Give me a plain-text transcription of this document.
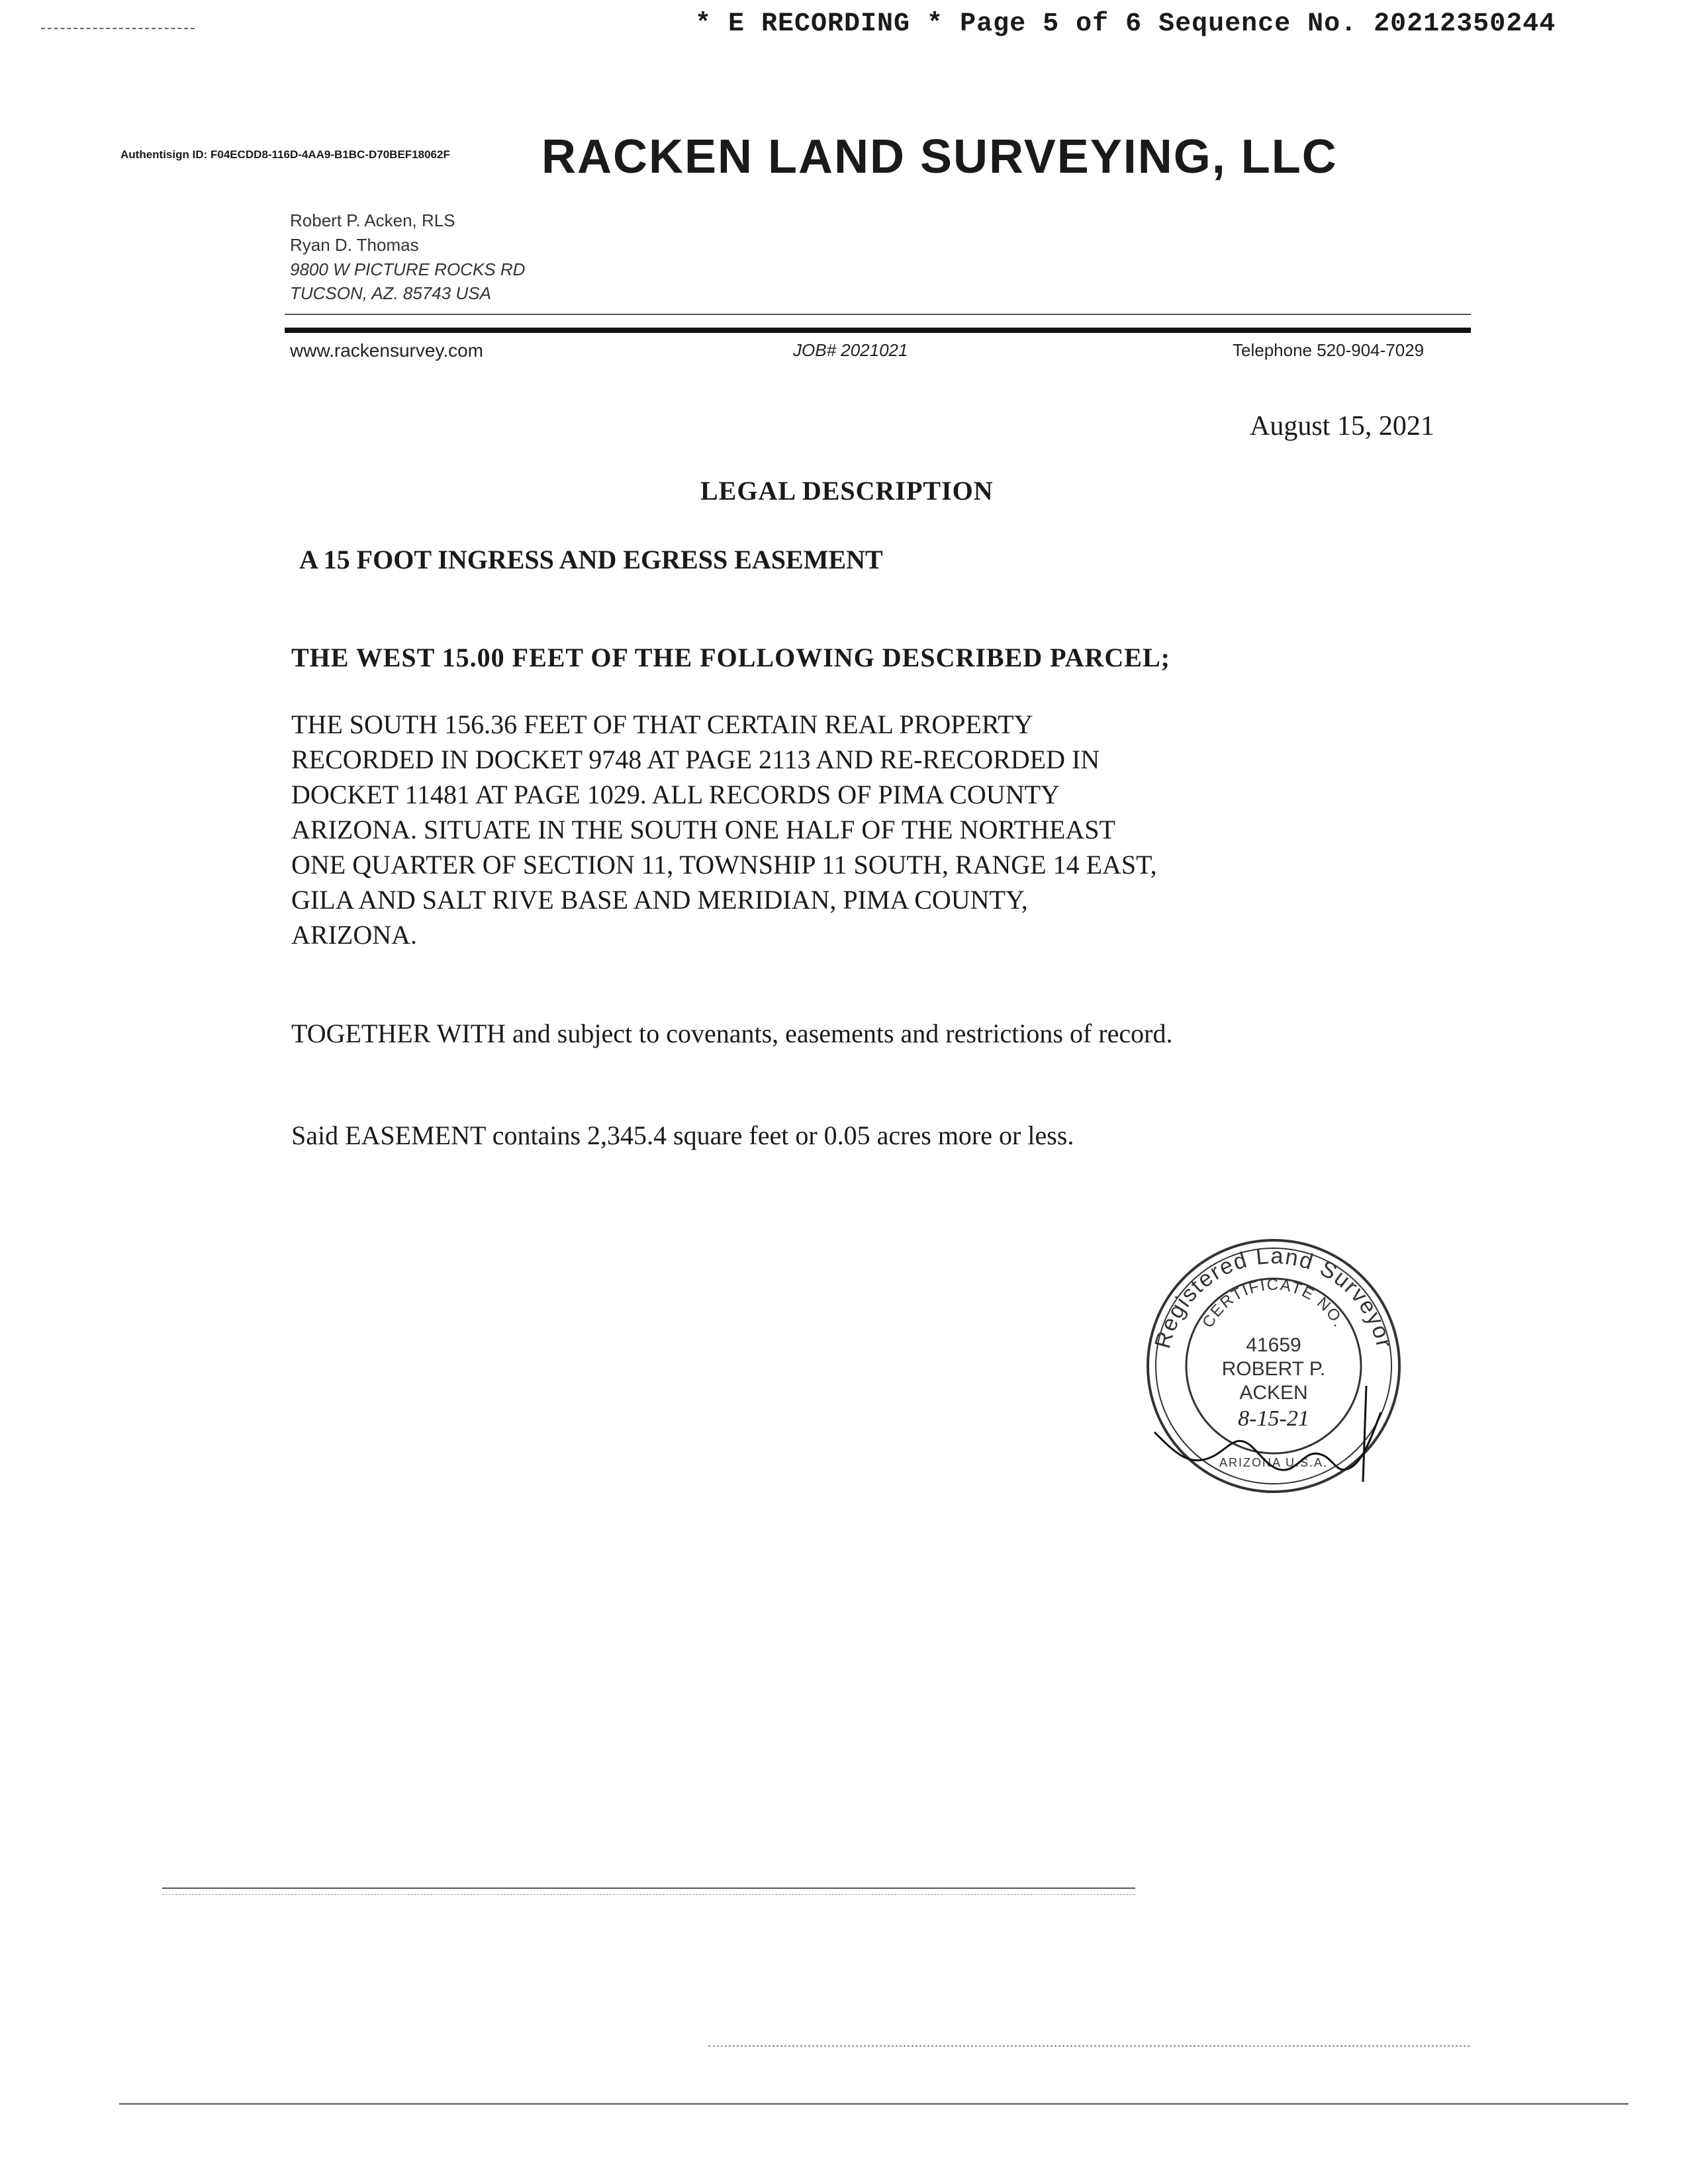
* E RECORDING * Page 5 of 6 Sequence No. 20212350244
Authentisign ID: F04ECDD8-116D-4AA9-B1BC-D70BEF18062F RACKEN LAND SURVEYING, LLC
Robert P. Acken, RLS
Ryan D. Thomas
9800 W PICTURE ROCKS RD
TUCSON, AZ. 85743 USA
www.rackensurvey.com	JOB# 2021021	Telephone 520-904-7029
August 15, 2021
LEGAL DESCRIPTION
A 15 FOOT INGRESS AND EGRESS EASEMENT
THE WEST 15.00 FEET OF THE FOLLOWING DESCRIBED PARCEL;
THE SOUTH 156.36 FEET OF THAT CERTAIN REAL PROPERTY
RECORDED IN DOCKET 9748 AT PAGE 2113 AND RE-RECORDED IN
DOCKET 11481 AT PAGE 1029. ALL RECORDS OF PIMA COUNTY
ARIZONA. SITUATE IN THE SOUTH ONE HALF OF THE NORTHEAST
ONE QUARTER OF SECTION 11, TOWNSHIP 11 SOUTH, RANGE 14 EAST,
GILA AND SALT RIVE BASE AND MERIDIAN, PIMA COUNTY,
ARIZONA.
TOGETHER WITH and subject to covenants, easements and restrictions of record.
Said EASEMENT contains 2,345.4 square feet or 0.05 acres more or less.
Registered Land Surveyor
CERTIFICATE NO.
41659
ROBERT P.
ACKEN
8-15-21
ARIZONA U.S.A.
